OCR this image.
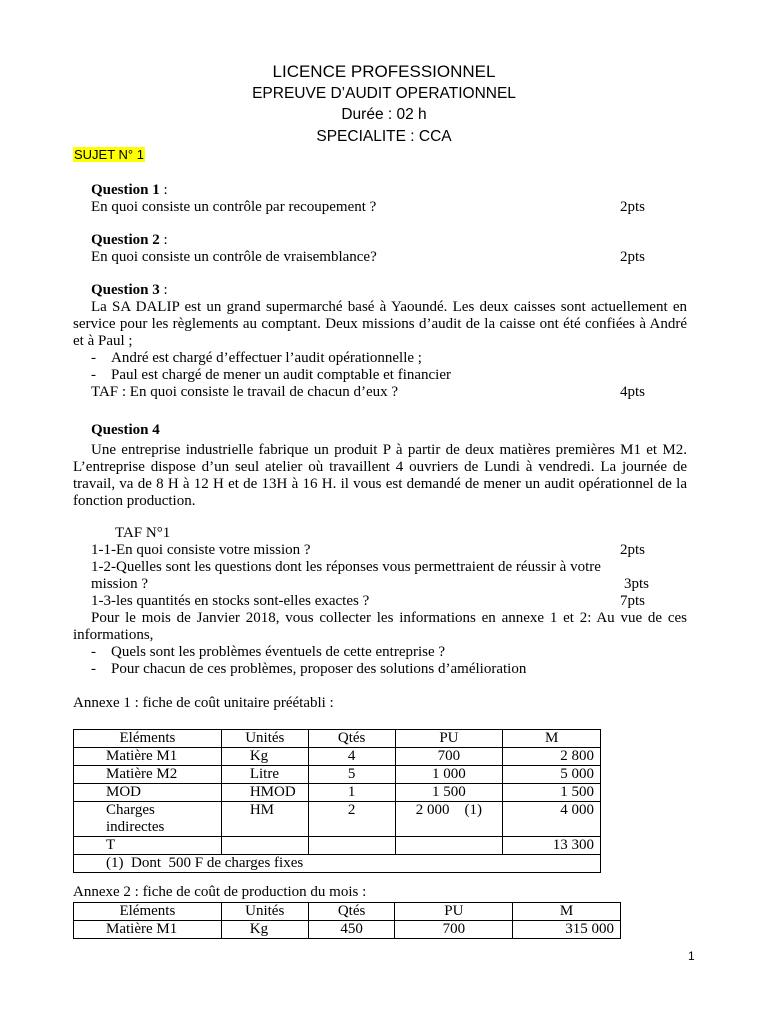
LICENCE PROFESSIONNEL
EPREUVE D’AUDIT OPERATIONNEL
Durée : 02 h
SPECIALITE : CCA
SUJET N° 1
Question 1 :
En quoi consiste un contrôle par recoupement ?	2pts
Question 2 :
En quoi consiste un contrôle de vraisemblance?	2pts
Question 3 :
La SA DALIP est un grand supermarché basé à Yaoundé. Les deux caisses sont actuellement en service pour les règlements au comptant. Deux missions d’audit de la caisse ont été confiées à André et à Paul ;
-    André est chargé d’effectuer l’audit opérationnelle ;
-    Paul est chargé de mener un audit comptable et financier
TAF : En quoi consiste le travail de chacun d’eux ?	4pts
Question 4
Une entreprise industrielle fabrique un produit P à partir de deux matières premières M1 et M2. L’entreprise dispose d’un seul atelier où travaillent 4 ouvriers de Lundi à vendredi. La journée de travail, va de 8 H à 12 H et de 13H à 16 H. il vous est demandé de mener un audit opérationnel de la fonction production.
TAF N°1
1-1-En quoi consiste votre mission ?	2pts
1-2-Quelles sont les questions dont les réponses vous permettraient de réussir à votre
mission ?	3pts
1-3-les quantités en stocks sont-elles exactes ?	7pts
Pour le mois de Janvier 2018, vous collecter les informations en annexe 1 et 2: Au vue de ces informations,
-    Quels sont les problèmes éventuels de cette entreprise ?
-    Pour chacun de ces problèmes, proposer des solutions d’amélioration
Annexe 1 : fiche de coût unitaire préétabli :
Eléments	Unités	Qtés	PU	M
Matière M1	Kg	4	700	2 800
Matière M2	Litre	5	1 000	5 000
MOD	HMOD	1	1 500	1 500

Charges indirectes	HM	2	2 000    (1)	4 000
T				13 300
(1)  Dont  500 F de charges fixes				
Annexe 2 : fiche de coût de production du mois :
Eléments	Unités	Qtés	PU	M
Matière M1	Kg	450	700	315 000
1
